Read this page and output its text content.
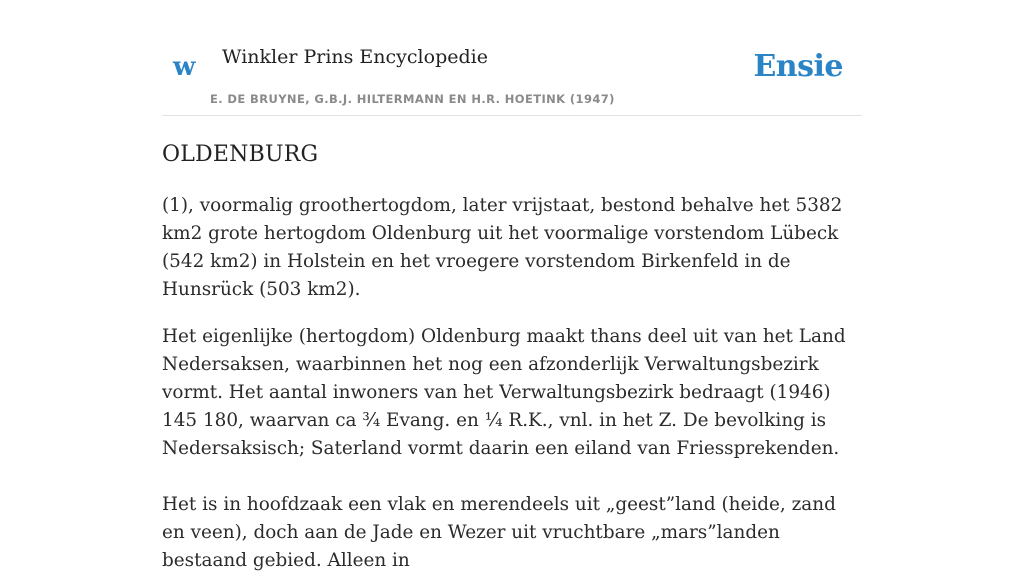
w Winkler Prins Encyclopedie
E. DE BRUYNE, G.B.J. HILTERMANN EN H.R. HOETINK (1947)
Ensie
OLDENBURG

(1), voormalig groothertogdom, later vrijstaat, bestond behalve het 5382 km2 grote hertogdom Oldenburg uit het voormalige vorstendom Lübeck (542 km2) in Holstein en het vroegere vorstendom Birkenfeld in de Hunsrück (503 km2).

Het eigenlijke (hertogdom) Oldenburg maakt thans deel uit van het Land Nedersaksen, waarbinnen het nog een afzonderlijk Verwaltungsbezirk vormt. Het aantal inwoners van het Verwaltungsbezirk bedraagt (1946) 145 180, waarvan ca ¾ Evang. en ¼ R.K., vnl. in het Z. De bevolking is Nedersaksisch; Saterland vormt daarin een eiland van Friessprekenden.

Het is in hoofdzaak een vlak en merendeels uit „geest”land (heide, zand en veen), doch aan de Jade en Wezer uit vruchtbare „mars”landen bestaand gebied. Alleen in
